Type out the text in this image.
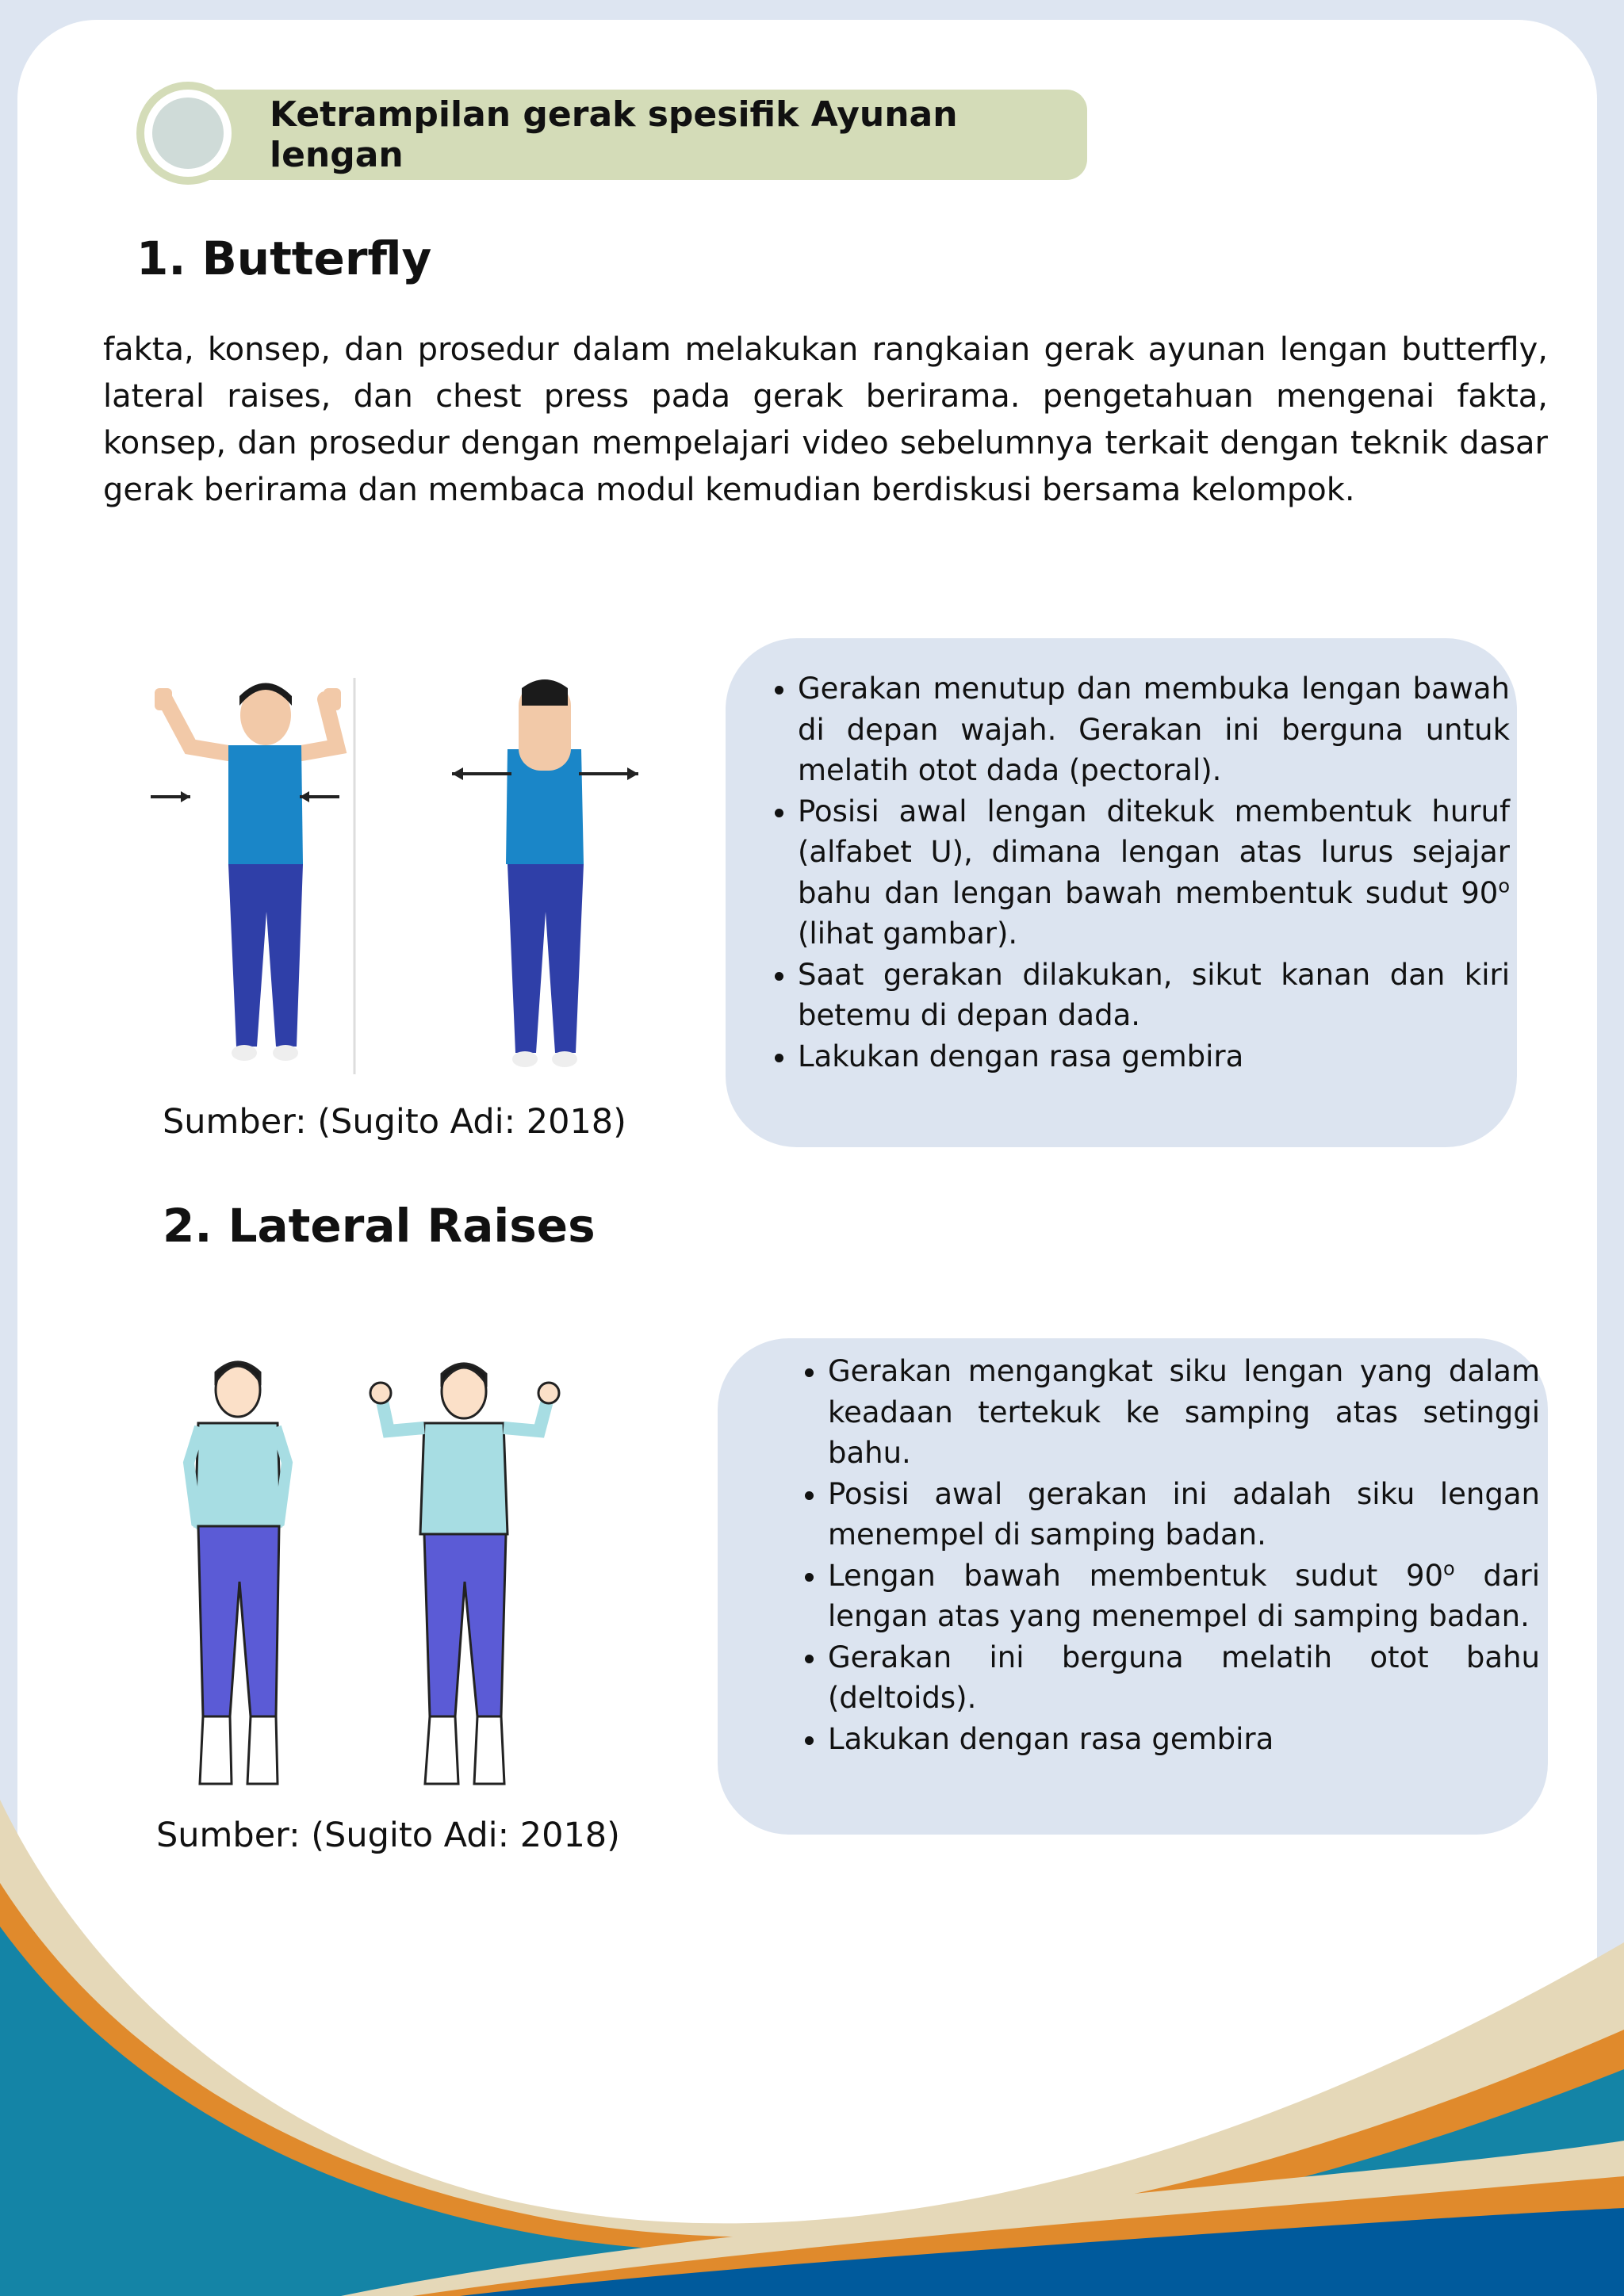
Ketrampilan gerak spesifik Ayunan lengan
1. Butterfly

fakta, konsep, dan prosedur dalam melakukan rangkaian gerak ayunan lengan butterfly, lateral raises, dan chest press pada gerak berirama. pengetahuan mengenai fakta, konsep, dan prosedur dengan mempelajari video sebelumnya terkait dengan teknik dasar gerak berirama dan membaca modul kemudian berdiskusi bersama kelompok.

• Gerakan menutup dan membuka lengan bawah di depan wajah. Gerakan ini berguna untuk melatih otot dada (pectoral).
• Posisi awal lengan ditekuk membentuk huruf (alfabet U), dimana lengan atas lurus sejajar bahu dan lengan bawah membentuk sudut 90$^o$ (lihat gambar).
• Saat gerakan dilakukan, sikut kanan dan kiri betemu di depan dada.
• Lakukan dengan rasa gembira

Sumber: (Sugito Adi: 2018)

2. Lateral Raises
• Gerakan mengangkat siku lengan yang dalam keadaan tertekuk ke samping atas setinggi bahu.
• Posisi awal gerakan ini adalah siku lengan menempel di samping badan.
• Lengan bawah membentuk sudut 90$^o$ dari lengan atas yang menempel di samping badan.
• Gerakan ini berguna melatih otot bahu (deltoids).
• Lakukan dengan rasa gembira

Sumber: (Sugito Adi: 2018)
